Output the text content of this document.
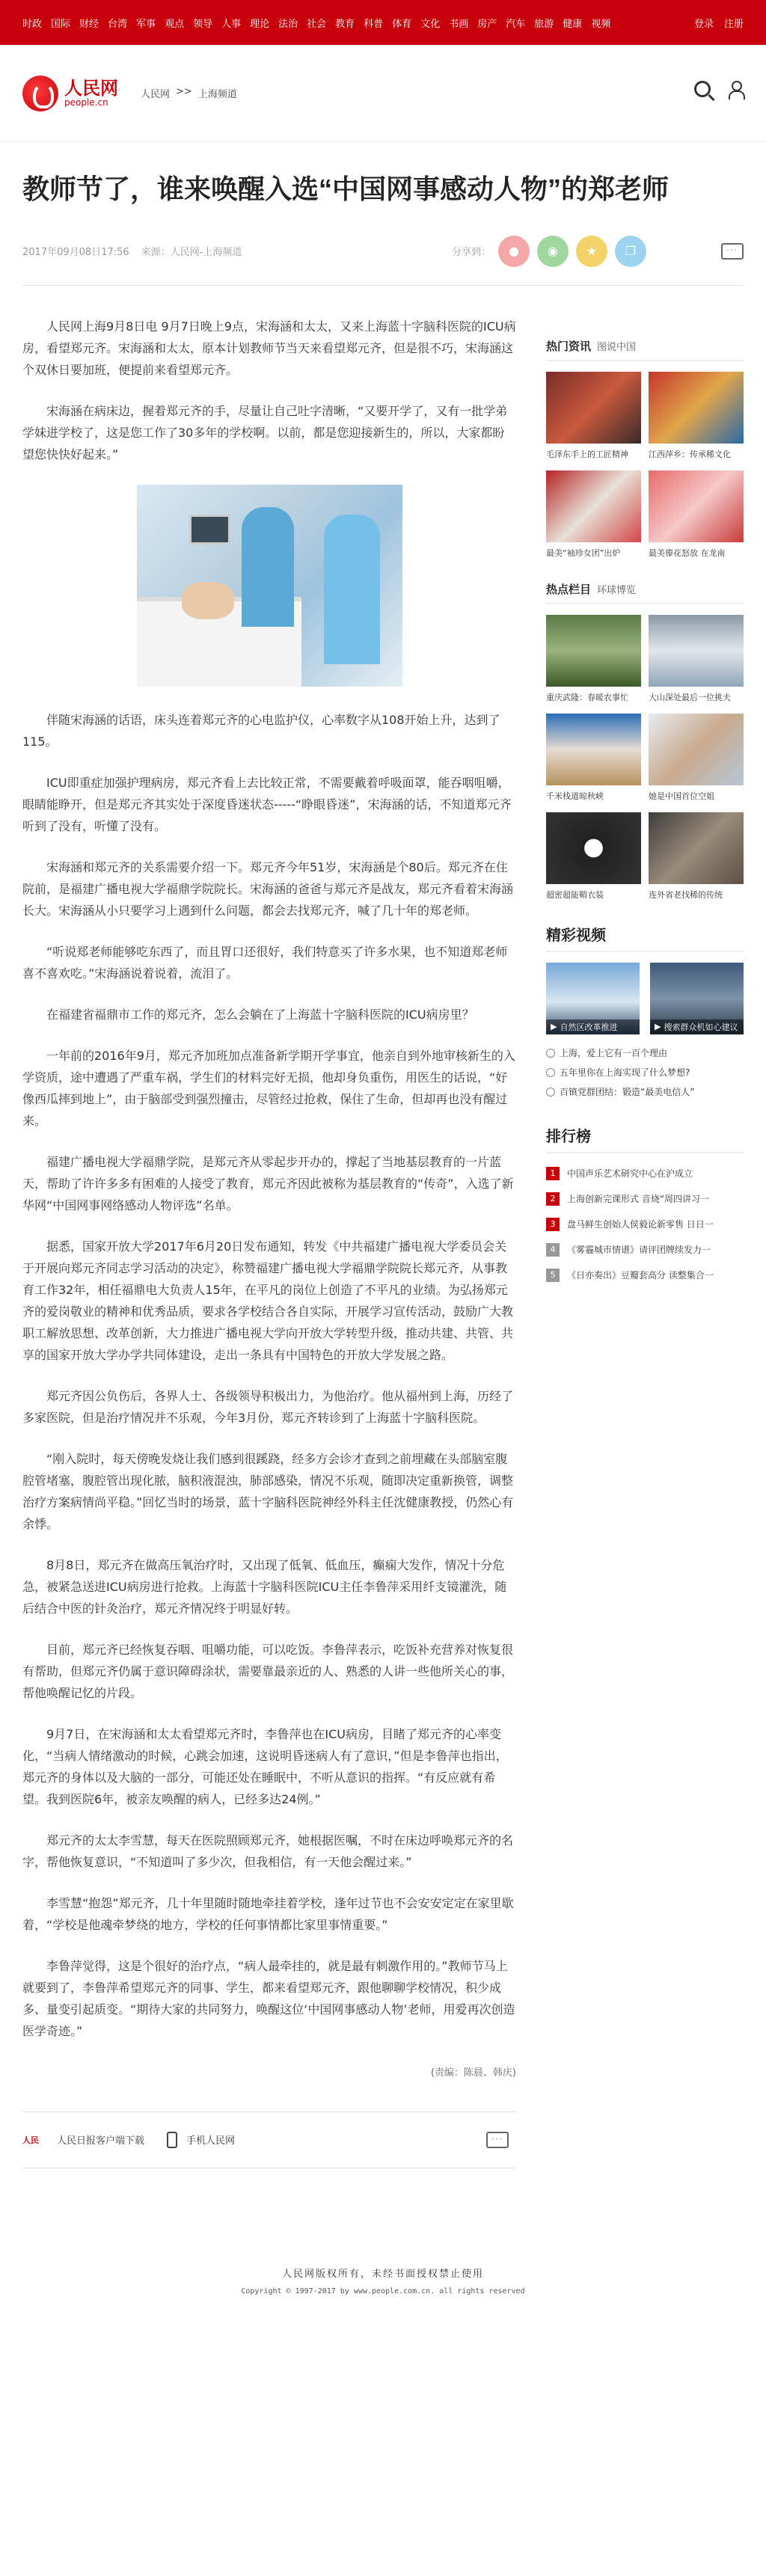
时政 国际 财经 台湾 军事 观点 领导 人事 理论 法治 社会 教育 科普 体育 文化 书画 房产 汽车 旅游 健康 视频	登录 注册
人民网
people.cn
人民网 >> 上海频道
教师节了，谁来唤醒入选“中国网事感动人物”的郑老师
2017年09月08日17:56 来源：人民网-上海频道	分享到：	●	◉	★	❐	···

人民网上海9月8日电 9月7日晚上9点，宋海涵和太太，又来上海蓝十字脑科医院的ICU病房，看望郑元齐。宋海涵和太太，原本计划教师节当天来看望郑元齐，但是很不巧，宋海涵这个双休日要加班，便提前来看望郑元齐。

宋海涵在病床边，握着郑元齐的手，尽量让自己吐字清晰，“又要开学了，又有一批学弟学妹进学校了，这是您工作了30多年的学校啊。以前，都是您迎接新生的，所以，大家都盼望您快快好起来。”

伴随宋海涵的话语，床头连着郑元齐的心电监护仪，心率数字从108开始上升，达到了115。

ICU即重症加强护理病房，郑元齐看上去比较正常，不需要戴着呼吸面罩，能吞咽咀嚼，眼睛能睁开，但是郑元齐其实处于深度昏迷状态-----“睁眼昏迷”，宋海涵的话，不知道郑元齐听到了没有，听懂了没有。

宋海涵和郑元齐的关系需要介绍一下。郑元齐今年51岁，宋海涵是个80后。郑元齐在住院前，是福建广播电视大学福鼎学院院长。宋海涵的爸爸与郑元齐是战友，郑元齐看着宋海涵长大。宋海涵从小只要学习上遇到什么问题，都会去找郑元齐，喊了几十年的郑老师。

“听说郑老师能够吃东西了，而且胃口还很好，我们特意买了许多水果，也不知道郑老师喜不喜欢吃。”宋海涵说着说着，流泪了。

在福建省福鼎市工作的郑元齐，怎么会躺在了上海蓝十字脑科医院的ICU病房里？

一年前的2016年9月，郑元齐加班加点准备新学期开学事宜，他亲自到外地审核新生的入学资质，途中遭遇了严重车祸，学生们的材料完好无损，他却身负重伤，用医生的话说，“好像西瓜摔到地上”，由于脑部受到强烈撞击，尽管经过抢救，保住了生命，但却再也没有醒过来。

福建广播电视大学福鼎学院，是郑元齐从零起步开办的，撑起了当地基层教育的一片蓝天，帮助了许许多多有困难的人接受了教育，郑元齐因此被称为基层教育的“传奇”，入选了新华网“中国网事网络感动人物评选”名单。

据悉，国家开放大学2017年6月20日发布通知，转发《中共福建广播电视大学委员会关于开展向郑元齐同志学习活动的决定》，称赞福建广播电视大学福鼎学院院长郑元齐，从事教育工作32年，相任福鼎电大负责人15年，在平凡的岗位上创造了不平凡的业绩。为弘扬郑元齐的爱岗敬业的精神和优秀品质，要求各学校结合各自实际，开展学习宣传活动，鼓励广大教职工解放思想、改革创新，大力推进广播电视大学向开放大学转型升级，推动共建、共管、共享的国家开放大学办学共同体建设，走出一条具有中国特色的开放大学发展之路。

郑元齐因公负伤后，各界人士、各级领导积极出力，为他治疗。他从福州到上海，历经了多家医院，但是治疗情况并不乐观，今年3月份，郑元齐转诊到了上海蓝十字脑科医院。

“刚入院时，每天傍晚发烧让我们感到很蹊跷，经多方会诊才查到之前埋藏在头部脑室腹腔管堵塞，腹腔管出现化脓，脑积液混浊，肺部感染，情况不乐观，随即决定重新换管，调整治疗方案病情尚平稳。”回忆当时的场景，蓝十字脑科医院神经外科主任沈健康教授，仍然心有余悸。

8月8日，郑元齐在做高压氧治疗时，又出现了低氧、低血压，癫痫大发作，情况十分危急，被紧急送进ICU病房进行抢救。上海蓝十字脑科医院ICU主任李鲁萍采用纤支镜灌洗，随后结合中医的针灸治疗，郑元齐情况终于明显好转。

目前，郑元齐已经恢复吞咽、咀嚼功能，可以吃饭。李鲁萍表示，吃饭补充营养对恢复很有帮助，但郑元齐仍属于意识障碍涂状，需要靠最亲近的人、熟悉的人讲一些他所关心的事，帮他唤醒记忆的片段。

9月7日，在宋海涵和太太看望郑元齐时，李鲁萍也在ICU病房，目睹了郑元齐的心率变化，“当病人情绪激动的时候，心跳会加速，这说明昏迷病人有了意识，”但是李鲁萍也指出，郑元齐的身体以及大脑的一部分，可能还处在睡眠中，不听从意识的指挥。“有反应就有希望。我到医院6年，被亲友唤醒的病人，已经多达24例。”

郑元齐的太太李雪慧，每天在医院照顾郑元齐，她根据医嘱，不时在床边呼唤郑元齐的名字，帮他恢复意识，“不知道叫了多少次，但我相信，有一天他会醒过来。”

李雪慧“抱怨”郑元齐，几十年里随时随地牵挂着学校，逢年过节也不会安安定定在家里歇着，“学校是他魂牵梦绕的地方，学校的任何事情都比家里事情重要。”

李鲁萍觉得，这是个很好的治疗点，“病人最牵挂的，就是最有刺激作用的。”教师节马上就要到了，李鲁萍希望郑元齐的同事、学生，都来看望郑元齐，跟他聊聊学校情况，积少成多、量变引起质变。“期待大家的共同努力，唤醒这位‘中国网事感动人物’老师，用爱再次创造医学奇迹。”

(责编：陈晨、韩庆)
人民	人民日报客户端下载	手机人民网	···
热门资讯 图说中国
毛泽东手上的工匠精神	江西萍乡：传承稀文化
最美“袖珍女团”出炉	最美傣花怒放 在龙南
热点栏目 环球博览
重庆武隆：春暖农事忙	大山深处最后一位挑夫
千米栈道晾秋峡	她是中国首位空姐
超密超能鞘衣装	连外省老找稀的传统
精彩视频
▶ 自然区改革推进	▶ 搜索群众机如心建议
上海，爱上它有一百个理由
五年里你在上海实现了什么梦想?
百镇党群团结：锻造“最美电信人”
排行榜
1	中国声乐艺术研究中心在沪成立
2	上海创新完课形式 音烧“周四讲习一
3	盘马鲜生创始人侯毅论新零售 日日一
4	《雾霾城市情谱》请评团牌续发力一
5	《日亦奏出》豆瓣套高分 读整集合一
人民网版权所有，未经书面授权禁止使用
Copyright © 1997-2017 by www.people.com.cn. all rights reserved
